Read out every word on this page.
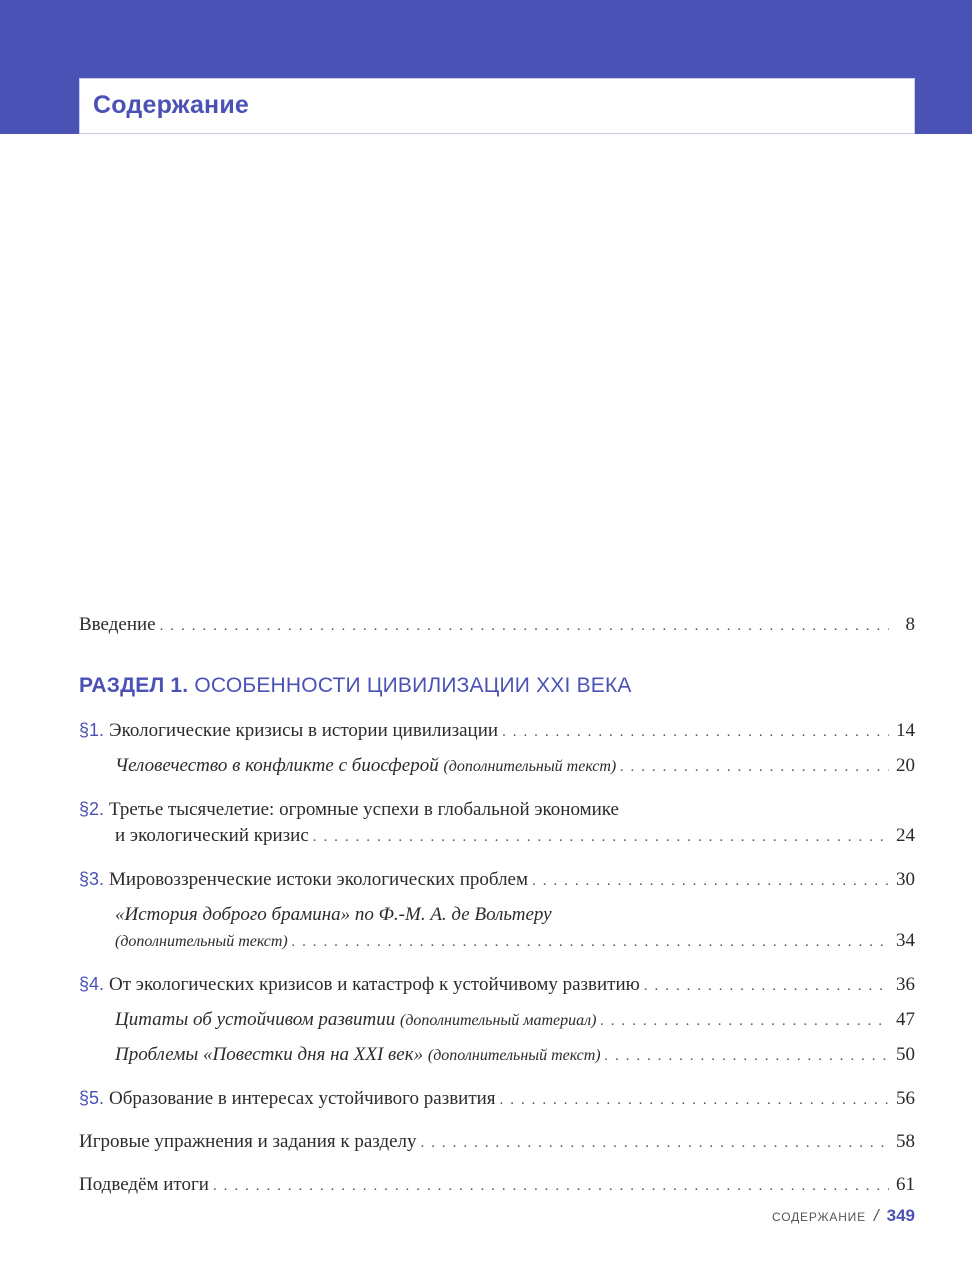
Содержание
Введение . . .	8
РАЗДЕЛ 1. ОСОБЕННОСТИ ЦИВИЛИЗАЦИИ XXI ВЕКА
§1. Экологические кризисы в истории цивилизации . . .	14
Человечество в конфликте с биосферой (дополнительный текст) . . .	20
§2. Третье тысячелетие: огромные успехи в глобальной экономике
и экологический кризис . . .	24
§3. Мировоззренческие истоки экологических проблем . . .	30
«История доброго брамина» по Ф.-М. А. де Вольтеру
(дополнительный текст) . . .	34
§4. От экологических кризисов и катастроф к устойчивому развитию . . .	36
Цитаты об устойчивом развитии (дополнительный материал) . . .	47
Проблемы «Повестки дня на XXI век» (дополнительный текст) . . .	50
§5. Образование в интересах устойчивого развития . . .	56
Игровые упражнения и задания к разделу . . .	58
Подведём итоги . . .	61
СОДЕРЖАНИЕ / 349
